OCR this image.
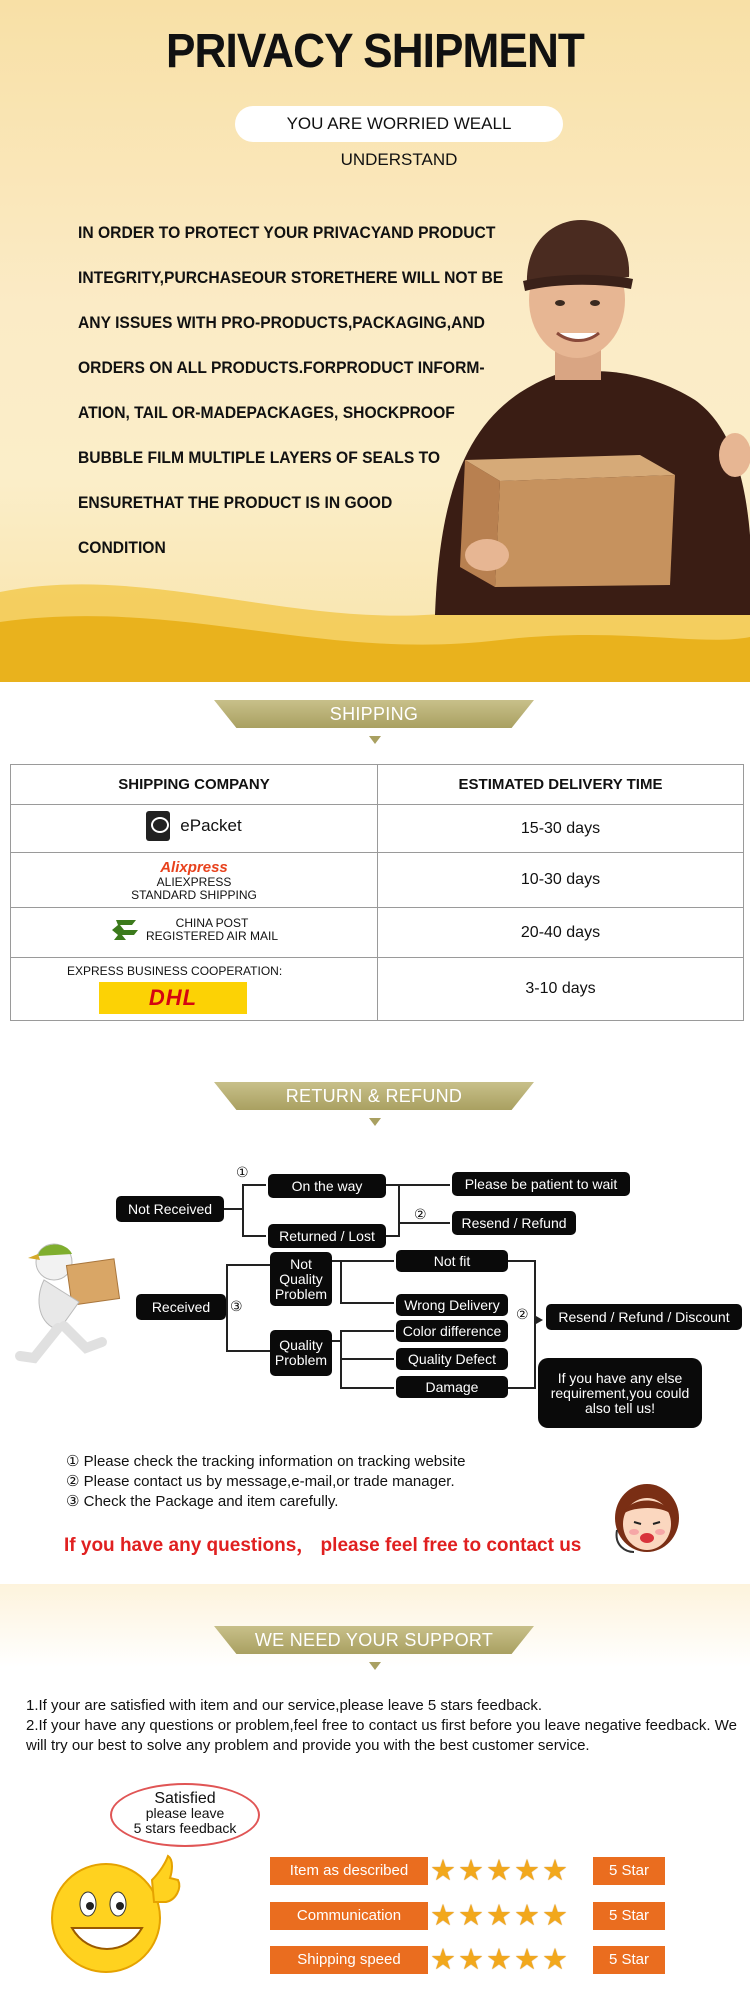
PRIVACY SHIPMENT
YOU ARE WORRIED WEALL UNDERSTAND
IN ORDER TO PROTECT YOUR PRIVACYAND PRODUCT
INTEGRITY,PURCHASEOUR STORETHERE WILL NOT BE
ANY ISSUES WITH PRO-PRODUCTS,PACKAGING,AND
ORDERS ON ALL PRODUCTS.FORPRODUCT INFORM-
ATION, TAIL OR-MADEPACKAGES, SHOCKPROOF
BUBBLE FILM MULTIPLE LAYERS OF SEALS TO
ENSURETHAT THE PRODUCT IS IN GOOD
CONDITION
SHIPPING
SHIPPING COMPANY	ESTIMATED DELIVERY TIME

ePacket	15-30 days

Alixpress
ALIEXPRESS
STANDARD SHIPPING	10-30 days

CHINA POST
REGISTERED AIR MAIL	20-40 days

EXPRESS BUSINESS COOPERATION:
DHL	3-10 days
RETURN & REFUND
Not Received
①
On the way
Returned / Lost
②
Please be patient to wait
Resend / Refund
Received	③
Not Quality Problem
Quality Problem
Not fit
Wrong Delivery
Color difference
Quality Defect
Damage
②	Resend / Refund / Discount
If you have any else requirement,you could also tell us!
① Please check the tracking information on tracking website
② Please contact us by message,e-mail,or trade manager.
③ Check the Package and item carefully.
If you have any questions， please feel free to contact us
WE NEED YOUR SUPPORT
1.If your are satisfied with item and our service,please leave 5 stars feedback.
2.If your have any questions or problem,feel free to contact us first before you leave negative feedback. We will try our best to solve any problem and provide you with the best customer service.
Satisfied
please leave
5 stars feedback
Item as described ★★★★★	5 Star
Communication ★★★★★	5 Star
Shipping speed	★★★★★	5 Star
